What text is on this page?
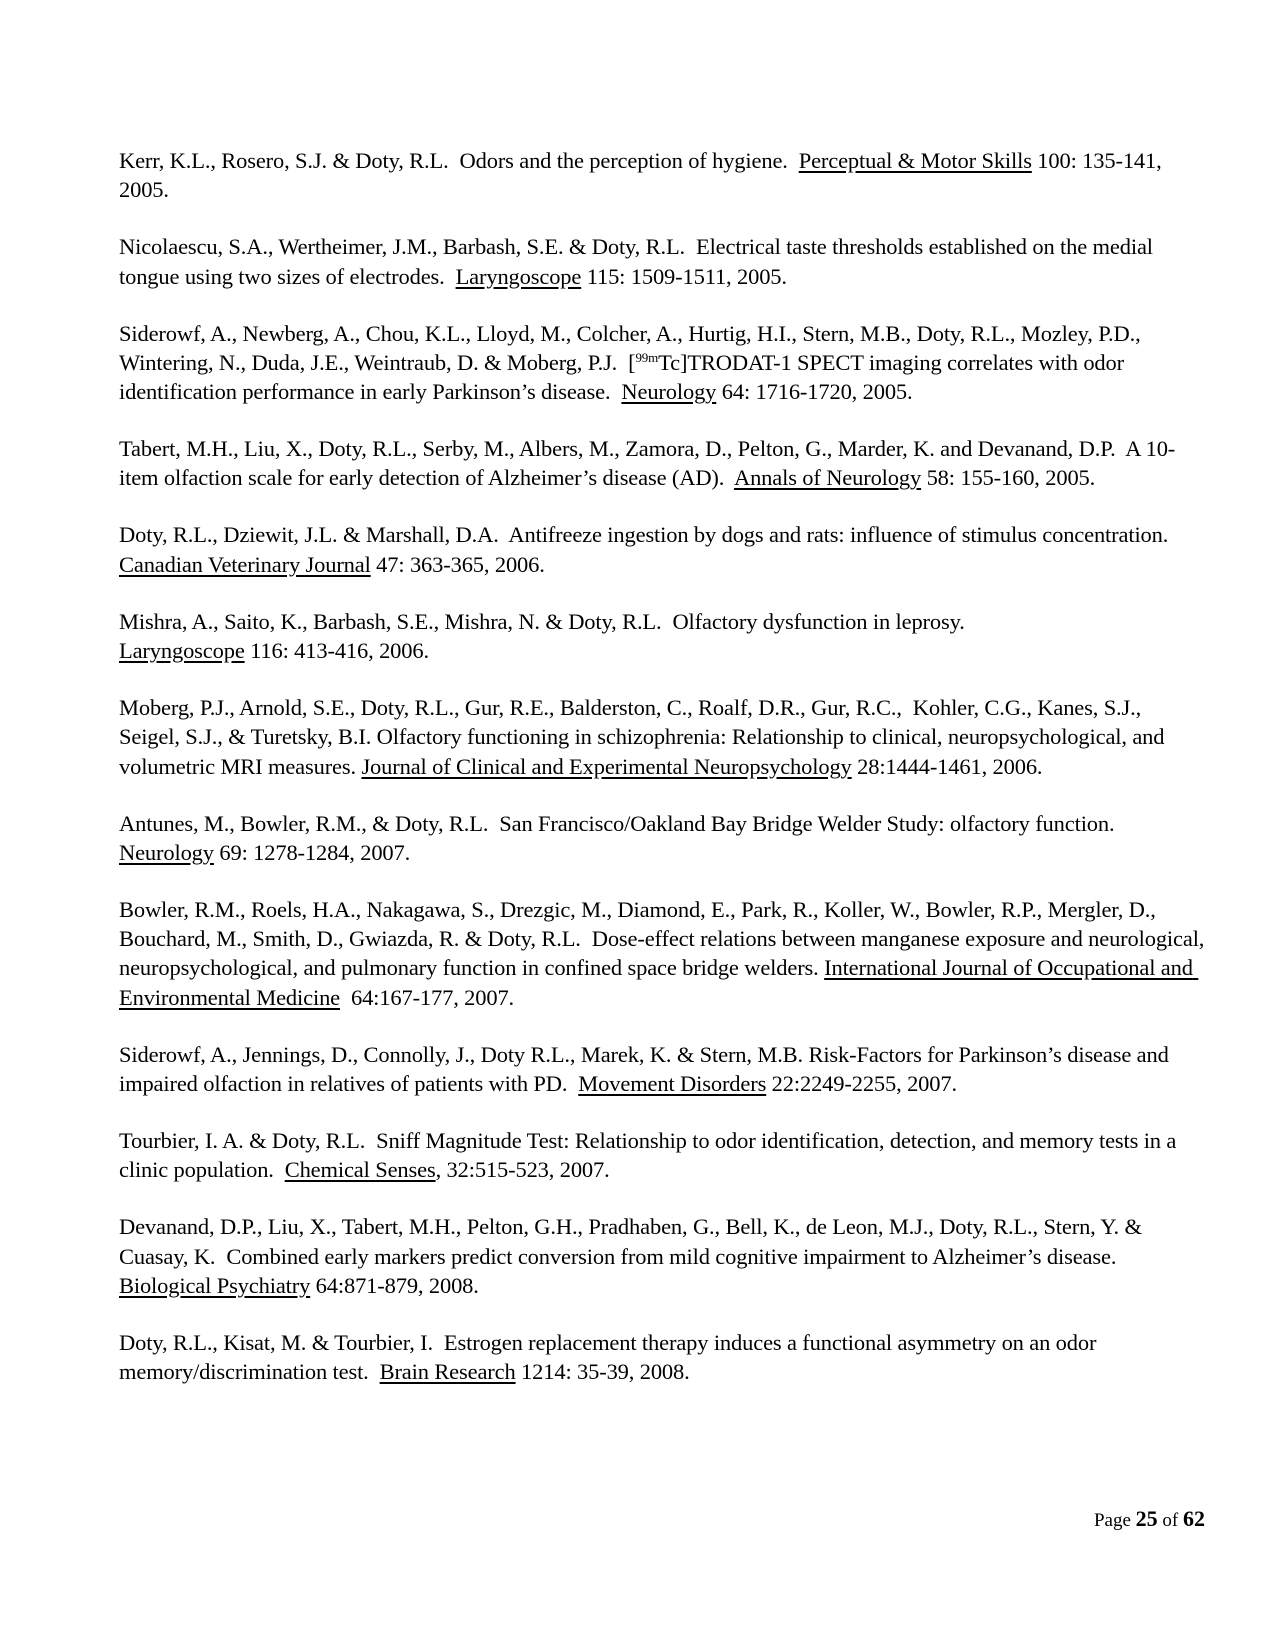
Kerr, K.L., Rosero, S.J. & Doty, R.L.  Odors and the perception of hygiene.  Perceptual & Motor Skills 100: 135-141, 2005.

Nicolaescu, S.A., Wertheimer, J.M., Barbash, S.E. & Doty, R.L.  Electrical taste thresholds established on the medial tongue using two sizes of electrodes.  Laryngoscope 115: 1509-1511, 2005.

Siderowf, A., Newberg, A., Chou, K.L., Lloyd, M., Colcher, A., Hurtig, H.I., Stern, M.B., Doty, R.L., Mozley, P.D., Wintering, N., Duda, J.E., Weintraub, D. & Moberg, P.J.  [$^{99m}$Tc]TRODAT-1 SPECT imaging correlates with odor identification performance in early Parkinson’s disease.  Neurology 64: 1716-1720, 2005.

Tabert, M.H., Liu, X., Doty, R.L., Serby, M., Albers, M., Zamora, D., Pelton, G., Marder, K. and Devanand, D.P.  A 10-item olfaction scale for early detection of Alzheimer’s disease (AD).  Annals of Neurology 58: 155-160, 2005.

Doty, R.L., Dziewit, J.L. & Marshall, D.A.  Antifreeze ingestion by dogs and rats: influence of stimulus concentration.  Canadian Veterinary Journal 47: 363-365, 2006.

Mishra, A., Saito, K., Barbash, S.E., Mishra, N. & Doty, R.L.  Olfactory dysfunction in leprosy.
Laryngoscope 116: 413-416, 2006.

Moberg, P.J., Arnold, S.E., Doty, R.L., Gur, R.E., Balderston, C., Roalf, D.R., Gur, R.C.,  Kohler, C.G., Kanes, S.J., Seigel, S.J., & Turetsky, B.I. Olfactory functioning in schizophrenia: Relationship to clinical, neuropsychological, and volumetric MRI measures. Journal of Clinical and Experimental Neuropsychology 28:1444-1461, 2006.

Antunes, M., Bowler, R.M., & Doty, R.L.  San Francisco/Oakland Bay Bridge Welder Study: olfactory function.  Neurology 69: 1278-1284, 2007.

Bowler, R.M., Roels, H.A., Nakagawa, S., Drezgic, M., Diamond, E., Park, R., Koller, W., Bowler, R.P., Mergler, D., Bouchard, M., Smith, D., Gwiazda, R. & Doty, R.L.  Dose-effect relations between manganese exposure and neurological, neuropsychological, and pulmonary function in confined space bridge welders. International Journal of Occupational and Environmental Medicine  64:167-177, 2007.

Siderowf, A., Jennings, D., Connolly, J., Doty R.L., Marek, K. & Stern, M.B. Risk-Factors for Parkinson’s disease and impaired olfaction in relatives of patients with PD.  Movement Disorders 22:2249-2255, 2007.

Tourbier, I. A. & Doty, R.L.  Sniff Magnitude Test: Relationship to odor identification, detection, and memory tests in a clinic population.  Chemical Senses, 32:515-523, 2007.

Devanand, D.P., Liu, X., Tabert, M.H., Pelton, G.H., Pradhaben, G., Bell, K., de Leon, M.J., Doty, R.L., Stern, Y. & Cuasay, K.  Combined early markers predict conversion from mild cognitive impairment to Alzheimer’s disease. Biological Psychiatry 64:871-879, 2008.

Doty, R.L., Kisat, M. & Tourbier, I.  Estrogen replacement therapy induces a functional asymmetry on an odor memory/discrimination test.  Brain Research 1214: 35-39, 2008.

Page 25 of 62
